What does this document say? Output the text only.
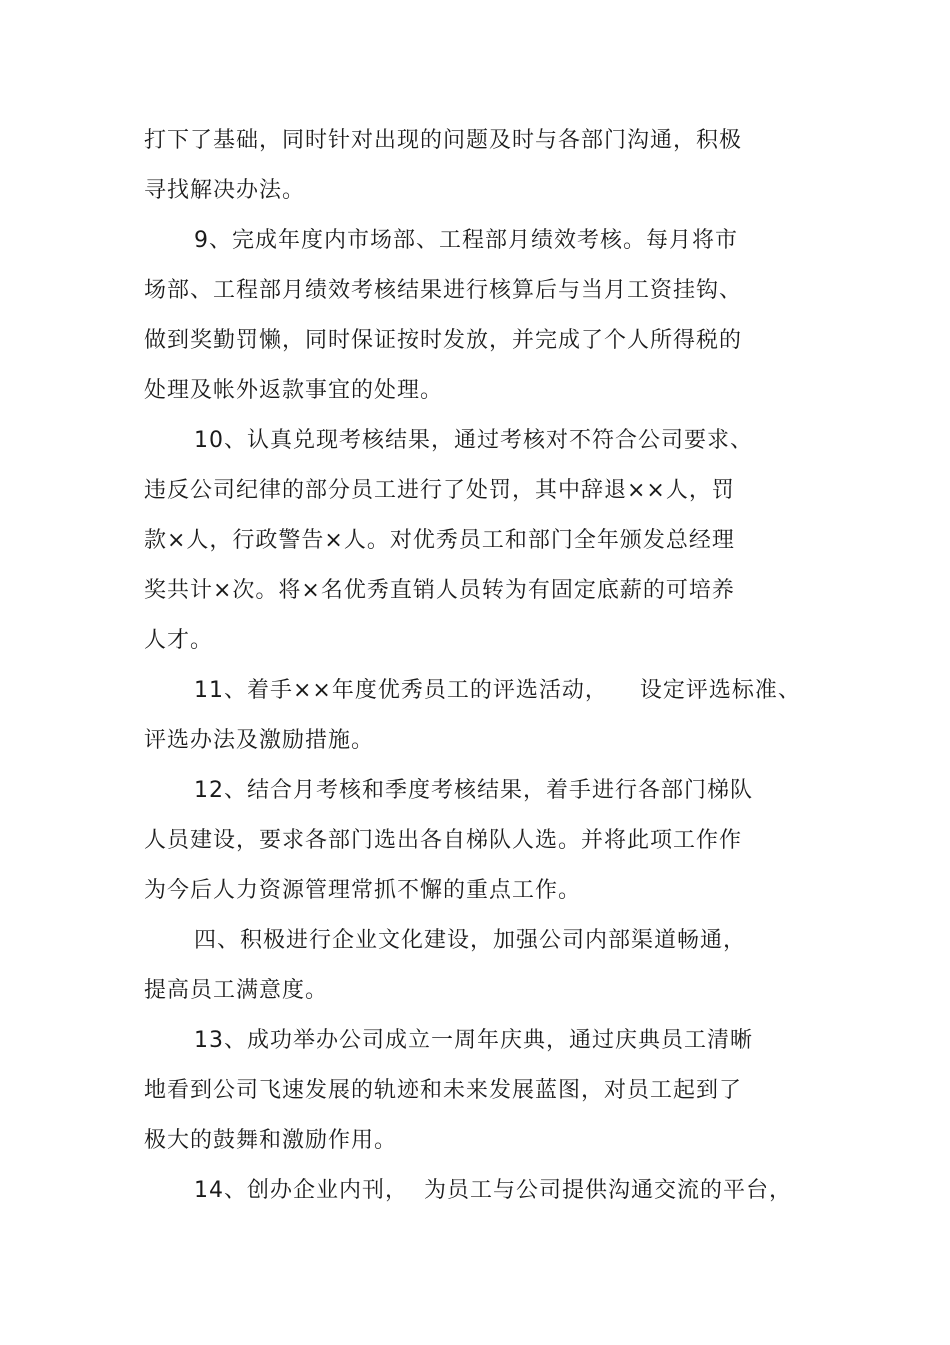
打下了基础，同时针对出现的问题及时与各部门沟通，积极
寻找解决办法。
9、完成年度内市场部、工程部月绩效考核。每月将市
场部、工程部月绩效考核结果进行核算后与当月工资挂钩、
做到奖勤罚懒，同时保证按时发放，并完成了个人所得税的
处理及帐外返款事宜的处理。
10、认真兑现考核结果，通过考核对不符合公司要求、
违反公司纪律的部分员工进行了处罚，其中辞退××人，罚
款×人，行政警告×人。对优秀员工和部门全年颁发总经理
奖共计×次。将×名优秀直销人员转为有固定底薪的可培养
人才。
11、着手××年度优秀员工的评选活动，    设定评选标准、
评选办法及激励措施。
12、结合月考核和季度考核结果，着手进行各部门梯队
人员建设，要求各部门选出各自梯队人选。并将此项工作作
为今后人力资源管理常抓不懈的重点工作。
四、积极进行企业文化建设，加强公司内部渠道畅通，
提高员工满意度。
13、成功举办公司成立一周年庆典，通过庆典员工清晰
地看到公司飞速发展的轨迹和未来发展蓝图，对员工起到了
极大的鼓舞和激励作用。
14、创办企业内刊，  为员工与公司提供沟通交流的平台，
